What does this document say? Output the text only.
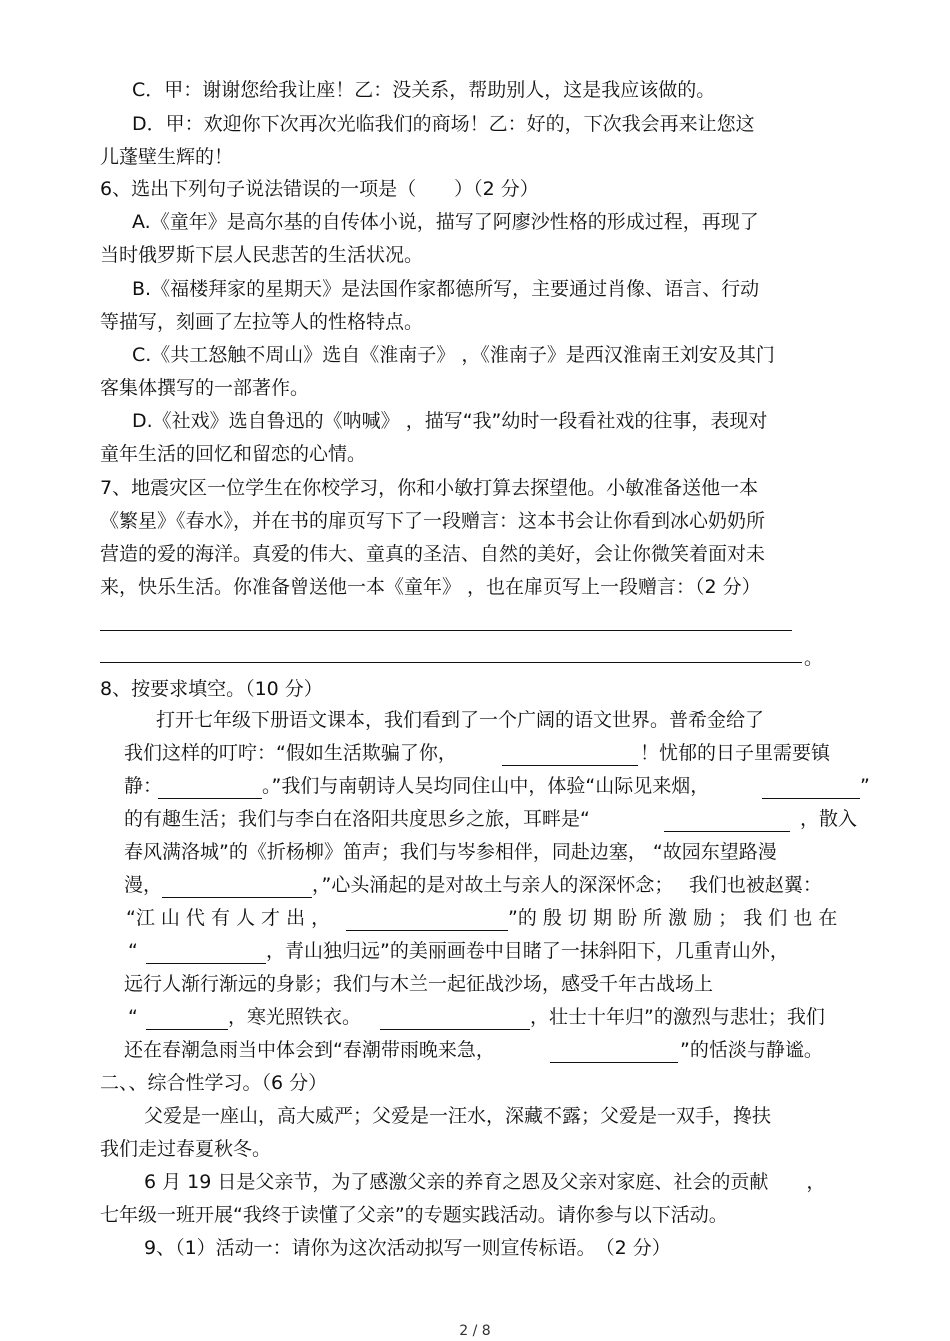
C．甲：谢谢您给我让座！乙：没关系，帮助别人，这是我应该做的。

D．甲：欢迎你下次再次光临我们的商场！乙：好的，下次我会再来让您这

儿蓬壁生辉的！

6、选出下列句子说法错误的一项是（　　）（2 分）

A.《童年》是高尔基的自传体小说，描写了阿廖沙性格的形成过程，再现了

当时俄罗斯下层人民悲苦的生活状况。

B.《福楼拜家的星期天》是法国作家都德所写，主要通过肖像、语言、行动

等描写，刻画了左拉等人的性格特点。

C.《共工怒触不周山》选自《淮南子》 ，《淮南子》是西汉淮南王刘安及其门

客集体撰写的一部著作。

D.《社戏》选自鲁迅的《呐喊》 ，描写“我”幼时一段看社戏的往事，表现对

童年生活的回忆和留恋的心情。

7、地震灾区一位学生在你校学习，你和小敏打算去探望他。小敏准备送他一本

《繁星》《春水》，并在书的扉页写下了一段赠言：这本书会让你看到冰心奶奶所

营造的爱的海洋。真爱的伟大、童真的圣洁、自然的美好，会让你微笑着面对未

来，快乐生活。你准备曾送他一本《童年》 ，也在扉页写上一段赠言：（2 分）

。

8、按要求填空。（10 分）

打开七年级下册语文课本，我们看到了一个广阔的语文世界。普希金给了

我们这样的叮咛：“假如生活欺骗了你，	！忧郁的日子里需要镇

静：	。”我们与南朝诗人吴均同住山中，体验“山际见来烟，	”

的有趣生活；我们与李白在洛阳共度思乡之旅，耳畔是“	，散入

春风满洛城”的《折杨柳》笛声；我们与岑参相伴，同赴边塞， “故园东望路漫

漫，	，”心头涌起的是对故土与亲人的深深怀念；　 我们也被赵翼：

“江 山 代 有 人 才 出 ，	”的 殷 切 期 盼 所 激 励 ； 我 们 也 在

“	，青山独归远”的美丽画卷中目睹了一抹斜阳下，几重青山外，

远行人渐行渐远的身影；我们与木兰一起征战沙场，感受千年古战场上

“	，寒光照铁衣。	，壮士十年归”的激烈与悲壮；我们

还在春潮急雨当中体会到“春潮带雨晚来急，	”的恬淡与静谧。

二、、综合性学习。（6 分）

父爱是一座山，高大威严；父爱是一汪水，深藏不露；父爱是一双手，搀扶

我们走过春夏秋冬。

6 月 19 日是父亲节，为了感激父亲的养育之恩及父亲对家庭、社会的贡献　　，

七年级一班开展“我终于读懂了父亲”的专题实践活动。请你参与以下活动。

9、（1）活动一：请你为这次活动拟写一则宣传标语。　（2 分）

2 / 8
